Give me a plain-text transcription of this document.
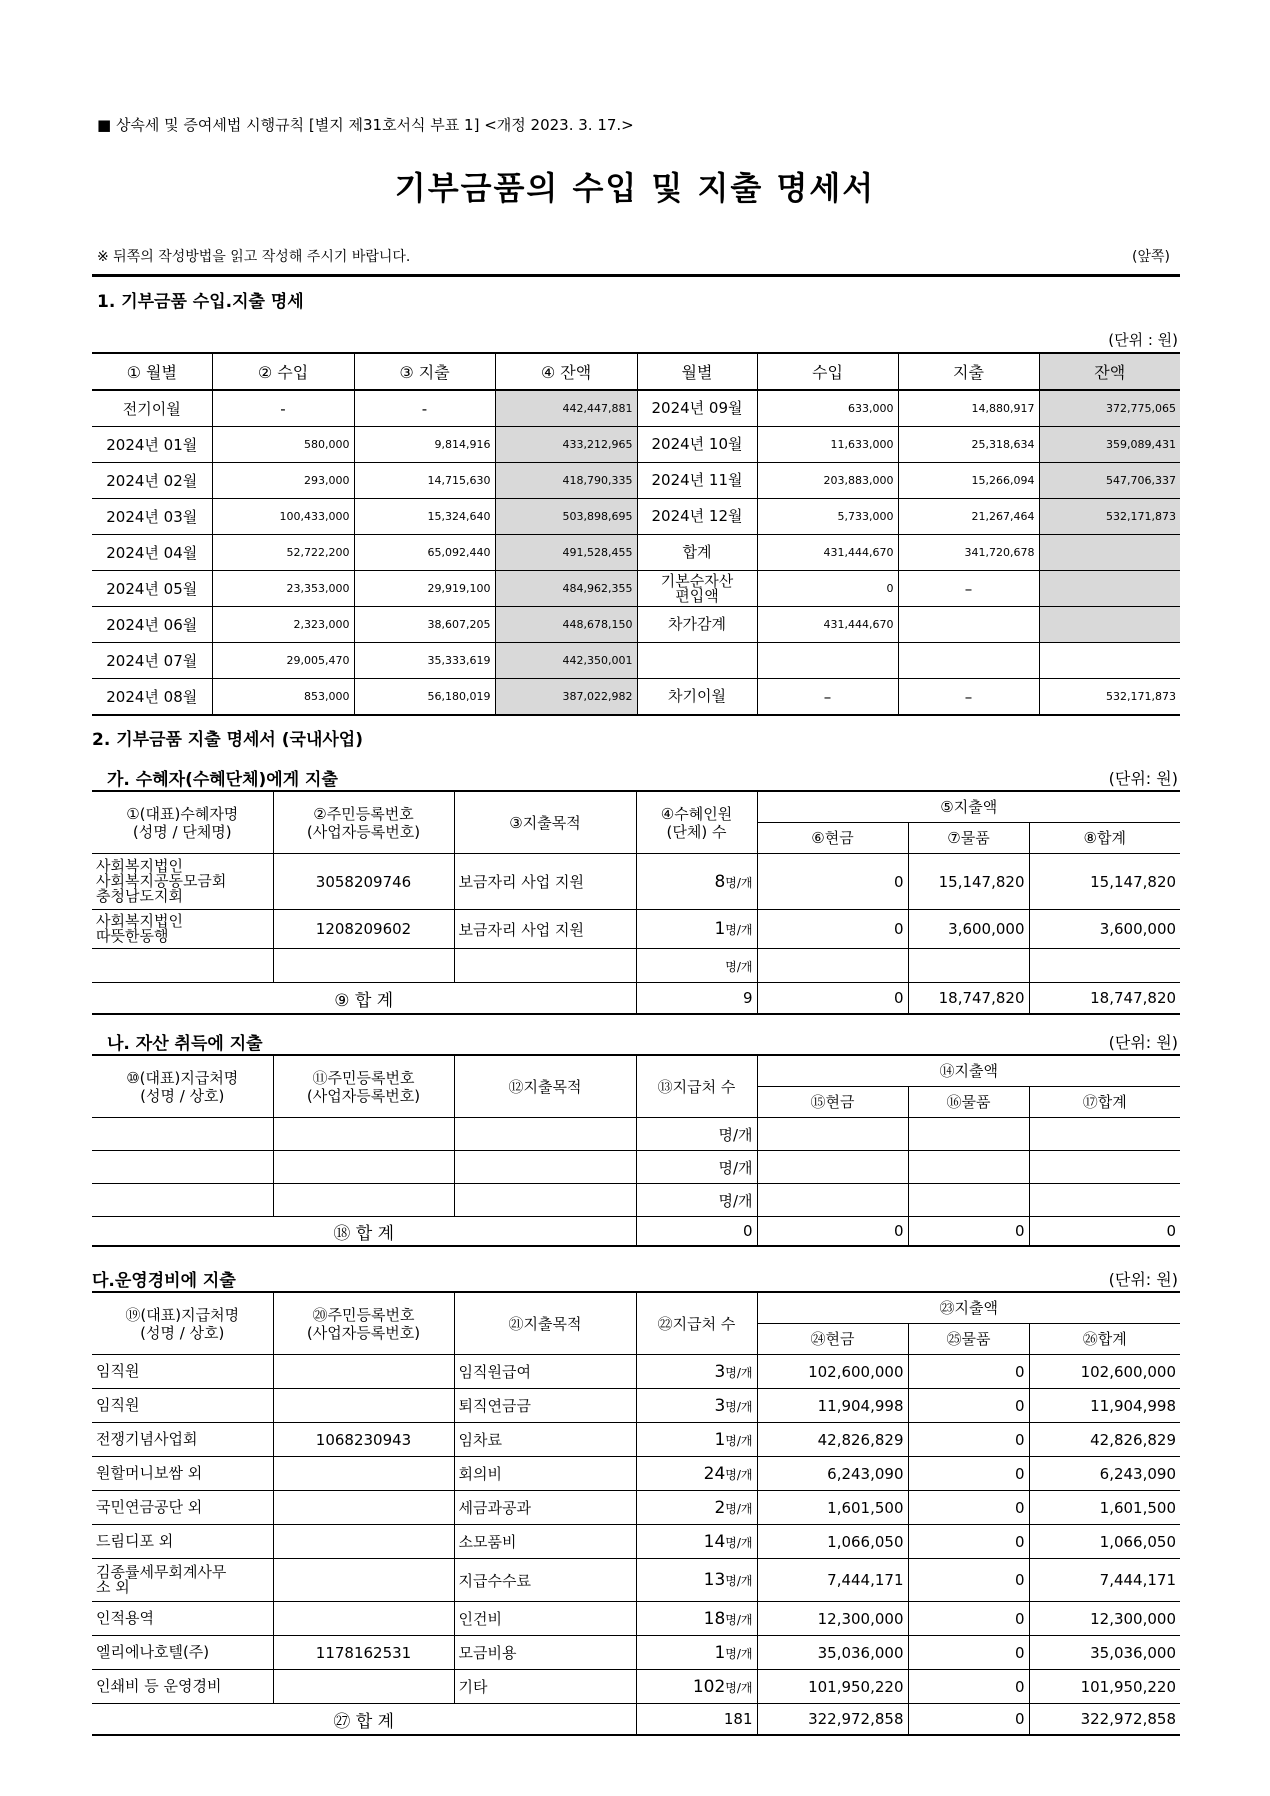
■ 상속세 및 증여세법 시행규칙 [별지 제31호서식 부표 1] <개정 2023. 3. 17.>
기부금품의 수입 및 지출 명세서
※ 뒤쪽의 작성방법을 읽고 작성해 주시기 바랍니다.	(앞쪽)
1. 기부금품 수입.지출 명세
(단위 : 원)
① 월별	② 수입	③ 지출	④ 잔액	월별	수입	지출	잔액
전기이월	-	-	442,447,881	2024년 09월	633,000	14,880,917	372,775,065
2024년 01월	580,000	9,814,916	433,212,965	2024년 10월	11,633,000	25,318,634	359,089,431
2024년 02월	293,000	14,715,630	418,790,335	2024년 11월	203,883,000	15,266,094	547,706,337
2024년 03월	100,433,000	15,324,640	503,898,695	2024년 12월	5,733,000	21,267,464	532,171,873
2024년 04월	52,722,200	65,092,440	491,528,455	합계	431,444,670	341,720,678	
2024년 05월	23,353,000	29,919,100	484,962,355	기본순자산
편입액	0	–	
2024년 06월	2,323,000	38,607,205	448,678,150	차가감계	431,444,670		
2024년 07월	29,005,470	35,333,619	442,350,001	

2024년 08월	853,000	56,180,019	387,022,982	차기이월	–	–	532,171,873
2. 기부금품 지출 명세서 (국내사업)
가. 수혜자(수혜단체)에게 지출	(단위: 원)
①(대표)수혜자명
(성명 / 단체명)	②주민등록번호
(사업자등록번호)	③지출목적	④수혜인원
(단체) 수	⑤지출액		
				⑥현금	⑦물품	⑧합계

사회복지법인
사회복지공동모금회
충청남도지회	3058209746	보금자리 사업 지원	8명/개	0	15,147,820	15,147,820

사회복지법인
따뜻한동행	1208209602	보금자리 사업 지원	1명/개	0	3,600,000	3,600,000

			명/개			
⑨ 합 계			9	0	18,747,820	18,747,820
나. 자산 취득에 지출	(단위: 원)
⑩(대표)지급처명
(성명 / 상호)	⑪주민등록번호
(사업자등록번호)	⑫지출목적	⑬지급처 수	⑭지출액		
				⑮현금	⑯물품	⑰합계
			명/개			
			명/개			
			명/개			
⑱ 합 계			0	0	0	0
다.운영경비에 지출	(단위: 원)
⑲(대표)지급처명
(성명 / 상호)	⑳주민등록번호
(사업자등록번호)	㉑지출목적	㉒지급처 수	㉓지출액		
				㉔현금	㉕물품	㉖합계

임직원		임직원급여	3명/개	102,600,000	0	102,600,000

임직원		퇴직연금금	3명/개	11,904,998	0	11,904,998

전쟁기념사업회	1068230943	임차료	1명/개	42,826,829	0	42,826,829

원할머니보쌈 외		회의비	24명/개	6,243,090	0	6,243,090

국민연금공단 외		세금과공과	2명/개	1,601,500	0	1,601,500

드림디포 외		소모품비	14명/개	1,066,050	0	1,066,050

김종률세무회계사무
소 외		지급수수료	13명/개	7,444,171	0	7,444,171

인적용역		인건비	18명/개	12,300,000	0	12,300,000

엘리에나호텔(주)	1178162531	모금비용	1명/개	35,036,000	0	35,036,000

인쇄비 등 운영경비		기타	102명/개	101,950,220	0	101,950,220
㉗ 합 계			181	322,972,858	0	322,972,858
